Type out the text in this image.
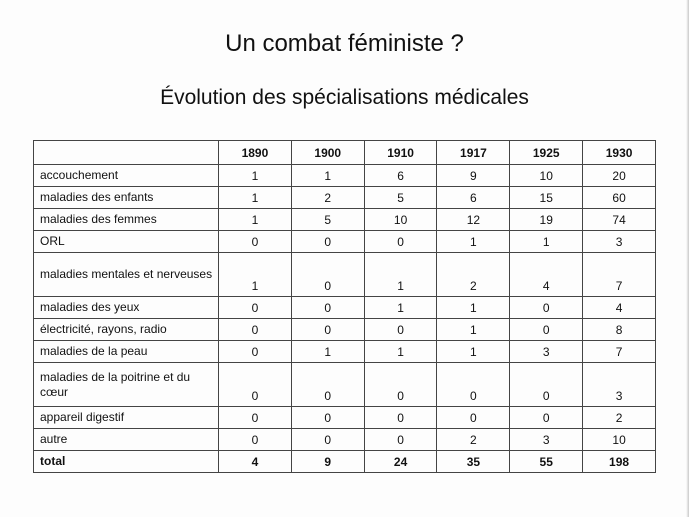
Un combat féministe ?
Évolution des spécialisations médicales
	1890	1900	1910	1917	1925	1930
accouchement	1	1	6	9	10	20
maladies des enfants	1	2	5	6	15	60
maladies des femmes	1	5	10	12	19	74
ORL	0	0	0	1	1	3
maladies mentales et nerveuses	1	0	1	2	4	7
maladies des yeux	0	0	1	1	0	4
électricité, rayons, radio	0	0	0	1	0	8
maladies de la peau	0	1	1	1	3	7
maladies de la poitrine et du cœur	0	0	0	0	0	3
appareil digestif	0	0	0	0	0	2
autre	0	0	0	2	3	10
total	4	9	24	35	55	198
